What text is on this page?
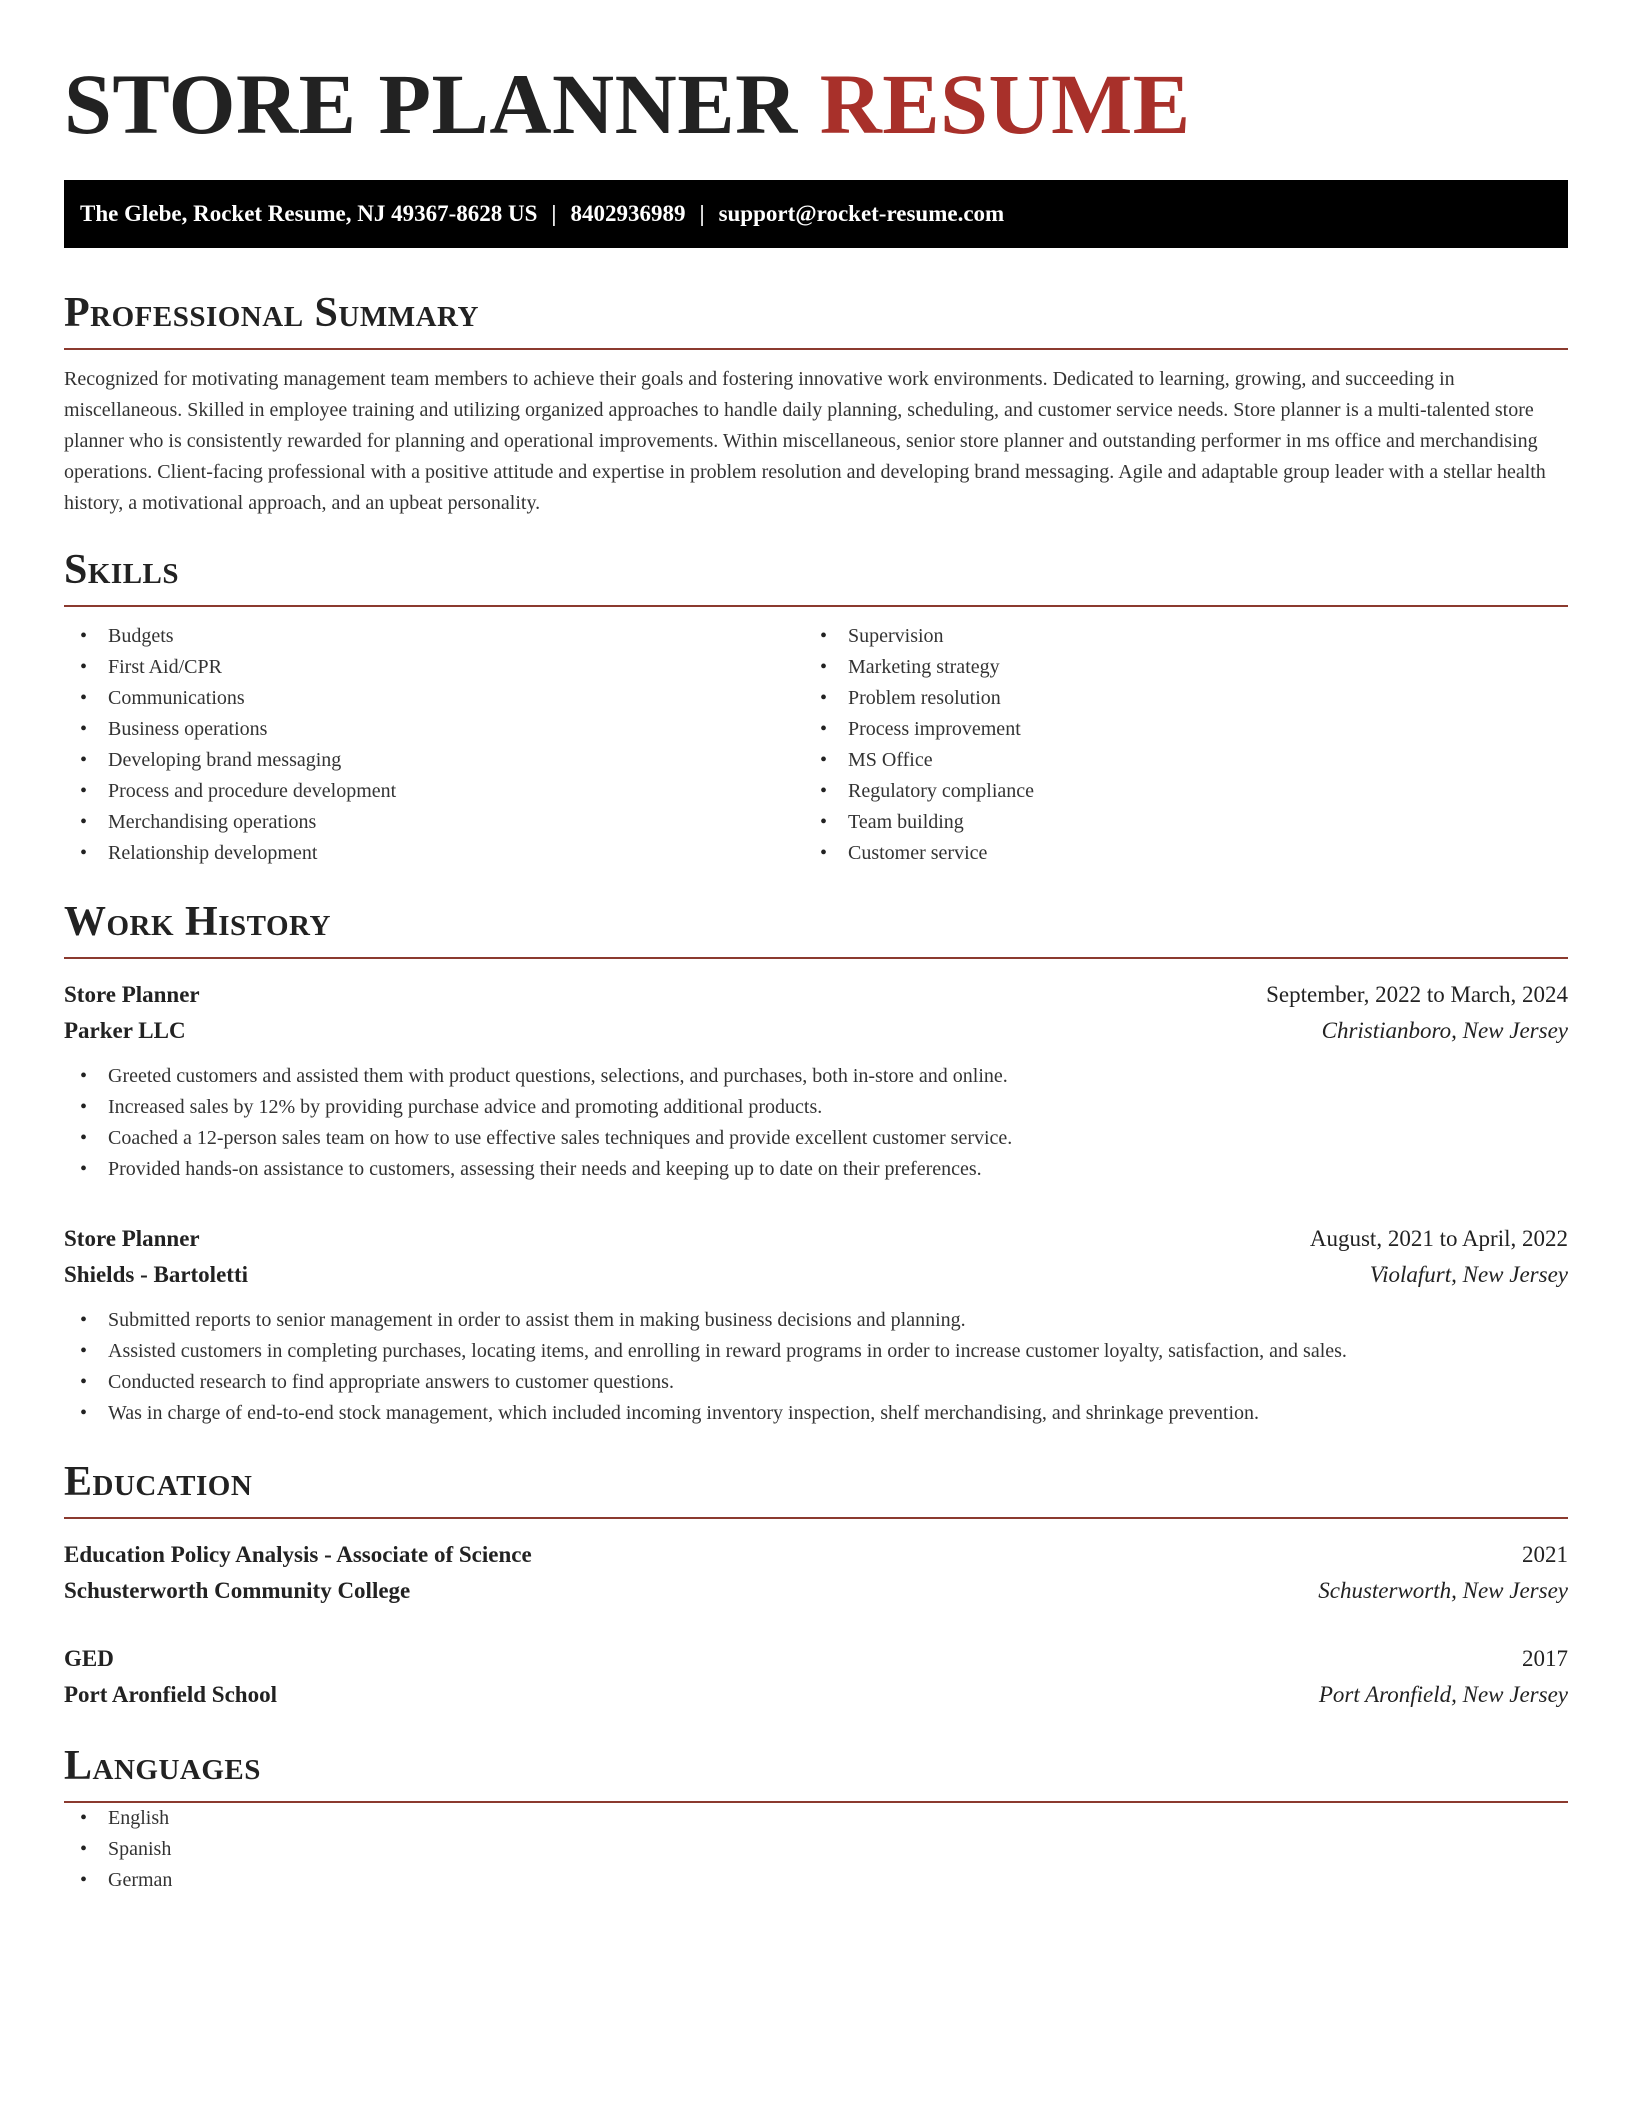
STORE PLANNER RESUME
The Glebe, Rocket Resume, NJ 49367-8628 US | 8402936989 | support@rocket-resume.com
Professional Summary

Recognized for motivating management team members to achieve their goals and fostering innovative work environments. Dedicated to learning, growing, and succeeding in miscellaneous. Skilled in employee training and utilizing organized approaches to handle daily planning, scheduling, and customer service needs. Store planner is a multi-talented store planner who is consistently rewarded for planning and operational improvements. Within miscellaneous, senior store planner and outstanding performer in ms office and merchandising operations. Client-facing professional with a positive attitude and expertise in problem resolution and developing brand messaging. Agile and adaptable group leader with a stellar health history, a motivational approach, and an upbeat personality.

Skills
• Budgets
• First Aid/CPR
• Communications
• Business operations
• Developing brand messaging
• Process and procedure development
• Merchandising operations
• Relationship development
• Supervision
• Marketing strategy
• Problem resolution
• Process improvement
• MS Office
• Regulatory compliance
• Team building
• Customer service
Work History
Store Planner	September, 2022 to March, 2024
Parker LLC	Christianboro, New Jersey
• Greeted customers and assisted them with product questions, selections, and purchases, both in-store and online.
• Increased sales by 12% by providing purchase advice and promoting additional products.
• Coached a 12-person sales team on how to use effective sales techniques and provide excellent customer service.
• Provided hands-on assistance to customers, assessing their needs and keeping up to date on their preferences.
Store Planner	August, 2021 to April, 2022
Shields - Bartoletti	Violafurt, New Jersey
• Submitted reports to senior management in order to assist them in making business decisions and planning.
• Assisted customers in completing purchases, locating items, and enrolling in reward programs in order to increase customer loyalty, satisfaction, and sales.
• Conducted research to find appropriate answers to customer questions.
• Was in charge of end-to-end stock management, which included incoming inventory inspection, shelf merchandising, and shrinkage prevention.
Education
Education Policy Analysis - Associate of Science	2021
Schusterworth Community College	Schusterworth, New Jersey
GED	2017
Port Aronfield School	Port Aronfield, New Jersey
Languages
• English
• Spanish
• German
